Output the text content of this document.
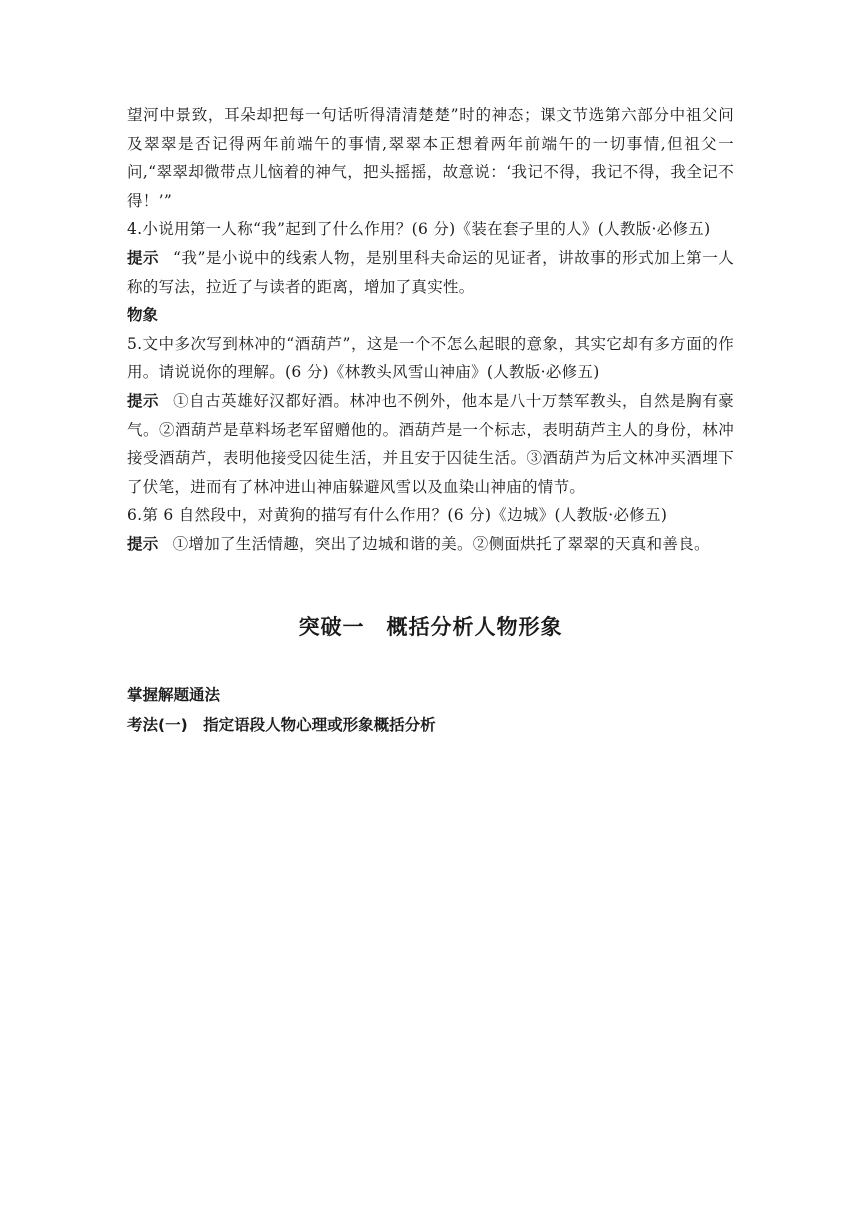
望河中景致，耳朵却把每一句话听得清清楚楚”时的神态；课文节选第六部分中祖父问及翠翠是否记得两年前端午的事情,翠翠本正想着两年前端午的一切事情,但祖父一问,“翠翠却微带点儿恼着的神气，把头摇摇，故意说：‘我记不得，我记不得，我全记不得！’”

4.小说用第一人称“我”起到了什么作用？(6 分)《装在套子里的人》(人教版·必修五)

提示 “我”是小说中的线索人物，是别里科夫命运的见证者，讲故事的形式加上第一人称的写法，拉近了与读者的距离，增加了真实性。

物象

5.文中多次写到林冲的“酒葫芦”，这是一个不怎么起眼的意象，其实它却有多方面的作用。请说说你的理解。(6 分)《林教头风雪山神庙》(人教版·必修五)

提示 ①自古英雄好汉都好酒。林冲也不例外，他本是八十万禁军教头，自然是胸有豪气。②酒葫芦是草料场老军留赠他的。酒葫芦是一个标志，表明葫芦主人的身份，林冲接受酒葫芦，表明他接受囚徒生活，并且安于囚徒生活。③酒葫芦为后文林冲买酒埋下了伏笔，进而有了林冲进山神庙躲避风雪以及血染山神庙的情节。

6.第 6 自然段中，对黄狗的描写有什么作用？(6 分)《边城》(人教版·必修五)

提示 ①增加了生活情趣，突出了边城和谐的美。②侧面烘托了翠翠的天真和善良。

突破一　概括分析人物形象

掌握解题通法

考法(一)　指定语段人物心理或形象概括分析
